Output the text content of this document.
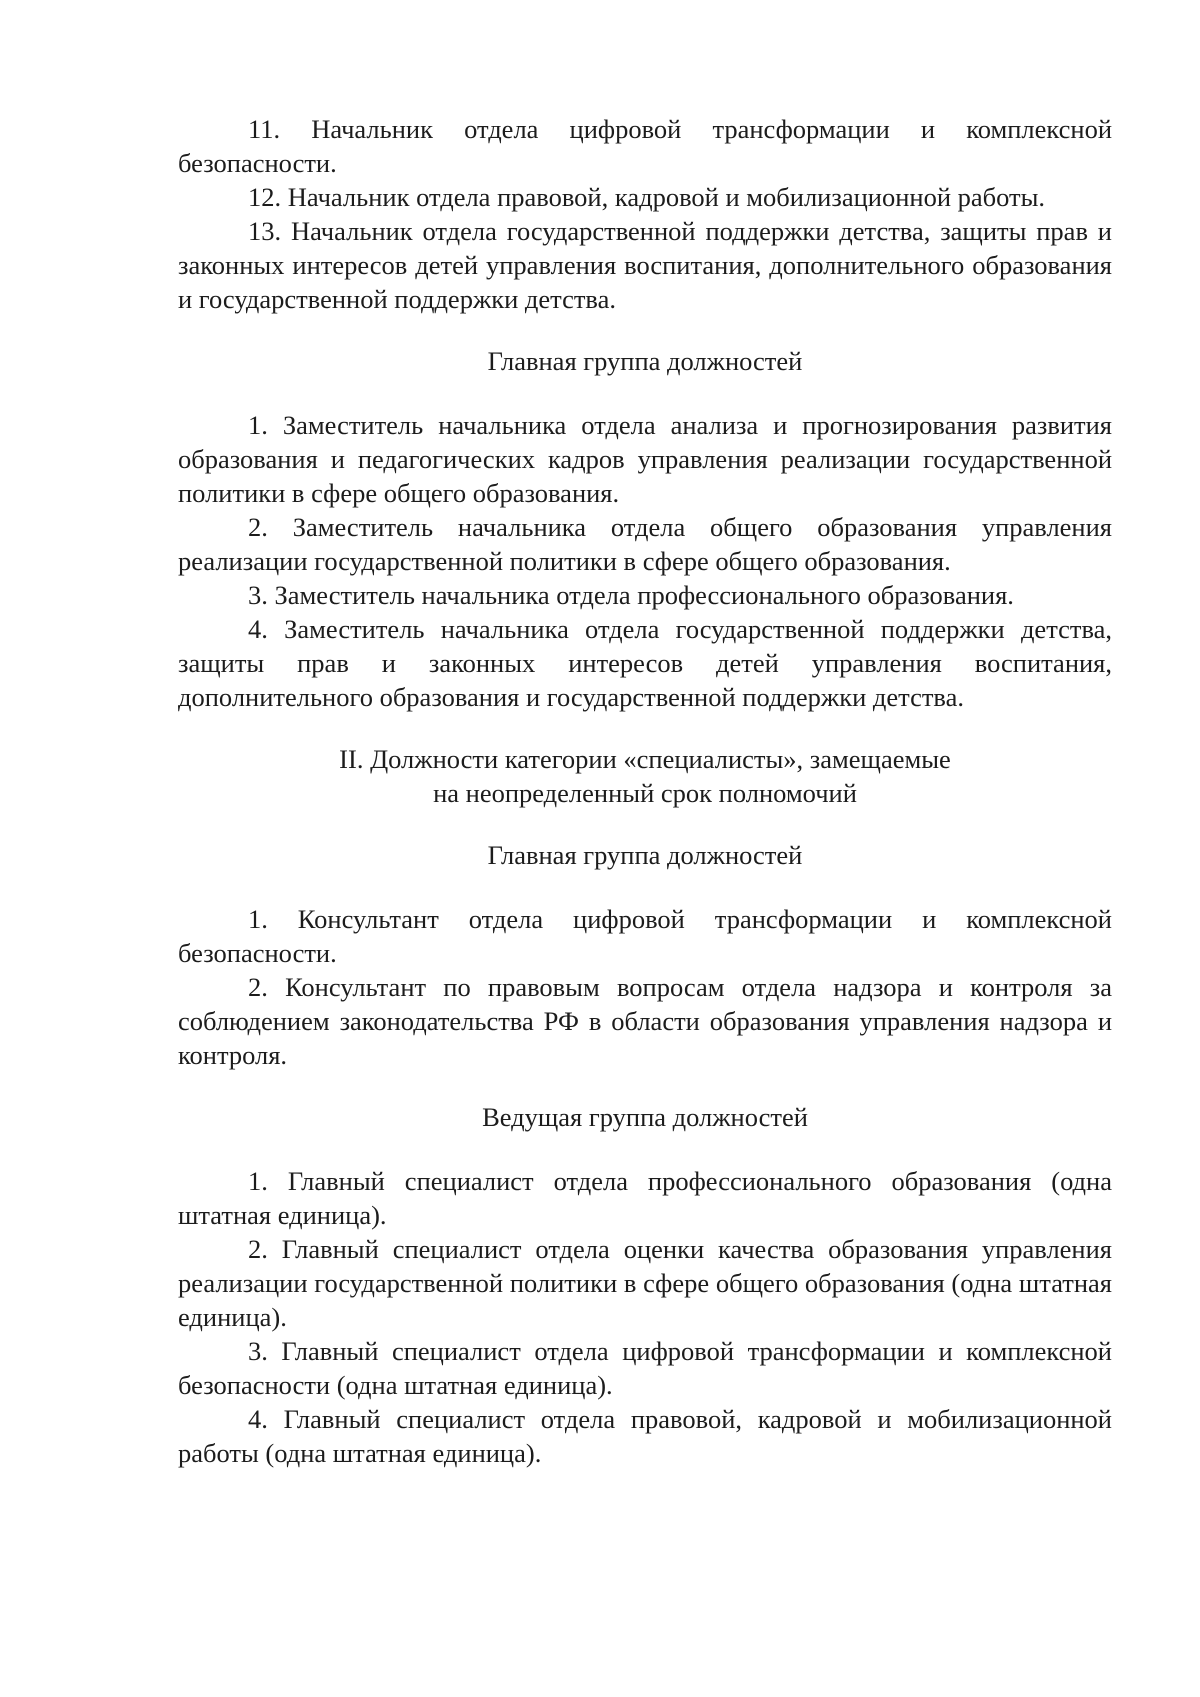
11. Начальник отдела цифровой трансформации и комплексной безопасности.

12. Начальник отдела правовой, кадровой и мобилизационной работы.

13. Начальник отдела государственной поддержки детства, защиты прав и законных интересов детей управления воспитания, дополнительного образования и государственной поддержки детства.

Главная группа должностей

1. Заместитель начальника отдела анализа и прогнозирования развития образования и педагогических кадров управления реализации государственной политики в сфере общего образования.

2. Заместитель начальника отдела общего образования управления реализации государственной политики в сфере общего образования.

3. Заместитель начальника отдела профессионального образования.

4. Заместитель начальника отдела государственной поддержки детства, защиты прав и законных интересов детей управления воспитания, дополнительного образования и государственной поддержки детства.

II. Должности категории «специалисты», замещаемые
на неопределенный срок полномочий

Главная группа должностей

1. Консультант отдела цифровой трансформации и комплексной безопасности.

2. Консультант по правовым вопросам отдела надзора и контроля за соблюдением законодательства РФ в области образования управления надзора и контроля.

Ведущая группа должностей

1. Главный специалист отдела профессионального образования (одна штатная единица).

2. Главный специалист отдела оценки качества образования управления реализации государственной политики в сфере общего образования (одна штатная единица).

3. Главный специалист отдела цифровой трансформации и комплексной безопасности (одна штатная единица).

4. Главный специалист отдела правовой, кадровой и мобилизационной работы (одна штатная единица).
